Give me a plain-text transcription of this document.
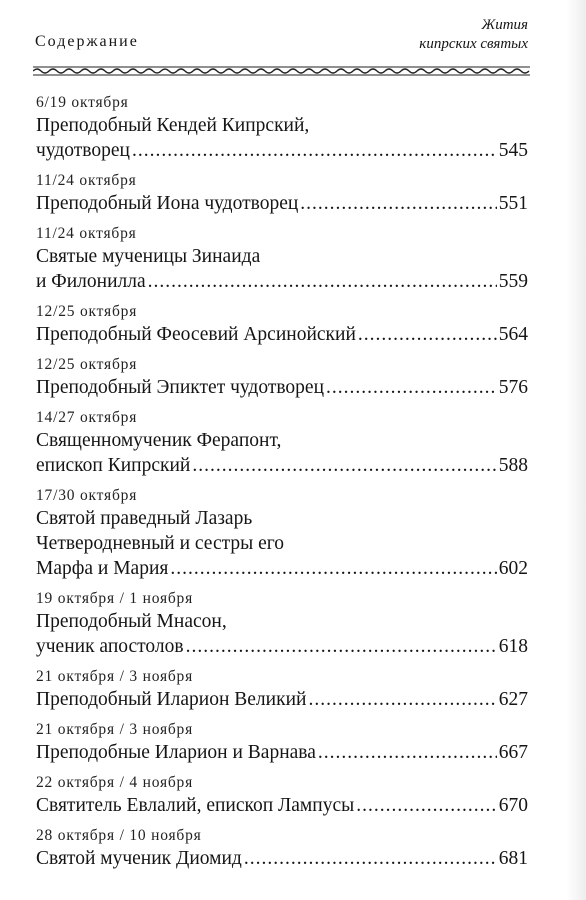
Содержание
Жития
кипрских святых
6/19 октября
Преподобный Кендей Кипрский,
чудотворец .....	545
11/24 октября
Преподобный Иона чудотворец .....	551
11/24 октября
Святые мученицы Зинаида
и Филонилла .....	559
12/25 октября
Преподобный Феосевий Арсинойский .....	564
12/25 октября
Преподобный Эпиктет чудотворец .....	576
14/27 октября
Священномученик Ферапонт,
епископ Кипрский .....	588
17/30 октября
Святой праведный Лазарь
Четверодневный и сестры его
Марфа и Мария .....	602
19 октября / 1 ноября
Преподобный Мнасон,
ученик апостолов .....	618
21 октября / 3 ноября
Преподобный Иларион Великий .....	627
21 октября / 3 ноября
Преподобные Иларион и Варнава .....	667
22 октября / 4 ноября
Святитель Евлалий, епископ Лампусы .....	670
28 октября / 10 ноября
Святой мученик Диомид .....	681
